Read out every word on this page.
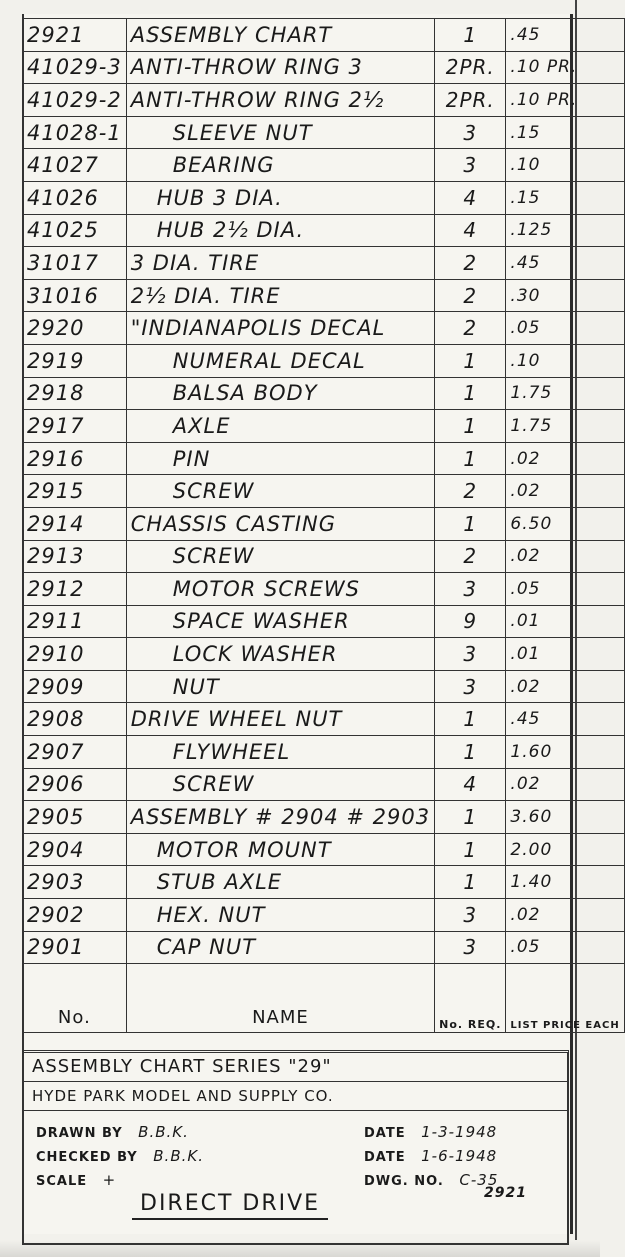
2921	ASSEMBLY CHART	1	.45
41029-3	ANTI-THROW RING 3	2PR.	.10 PR.
41029-2	ANTI-THROW RING 2½	2PR.	.10 PR.
41028-1	SLEEVE NUT	3	.15
41027	BEARING	3	.10
41026	HUB 3 DIA.	4	.15
41025	HUB 2½ DIA.	4	.125
31017	3 DIA. TIRE	2	.45
31016	2½ DIA. TIRE	2	.30
2920	"INDIANAPOLIS DECAL	2	.05
2919	NUMERAL DECAL	1	.10
2918	BALSA BODY	1	1.75
2917	AXLE	1	1.75
2916	PIN	1	.02
2915	SCREW	2	.02
2914	CHASSIS CASTING	1	6.50
2913	SCREW	2	.02
2912	MOTOR SCREWS	3	.05
2911	SPACE WASHER	9	.01
2910	LOCK WASHER	3	.01
2909	NUT	3	.02
2908	DRIVE WHEEL NUT	1	.45
2907	FLYWHEEL	1	1.60
2906	SCREW	4	.02
2905	ASSEMBLY # 2904 # 2903	1	3.60
2904	MOTOR MOUNT	1	2.00
2903	STUB AXLE	1	1.40
2902	HEX. NUT	3	.02
2901	CAP NUT	3	.05
No.	NAME	No. REQ.	LIST PRICE EACH
ASSEMBLY CHART SERIES "29"
HYDE PARK MODEL AND SUPPLY CO.
DRAWN BY B.B.K.
CHECKED BY B.B.K.
SCALE +
DATE 1-3-1948
DATE 1-6-1948
DWG. NO. C-35
2921
DIRECT DRIVE
